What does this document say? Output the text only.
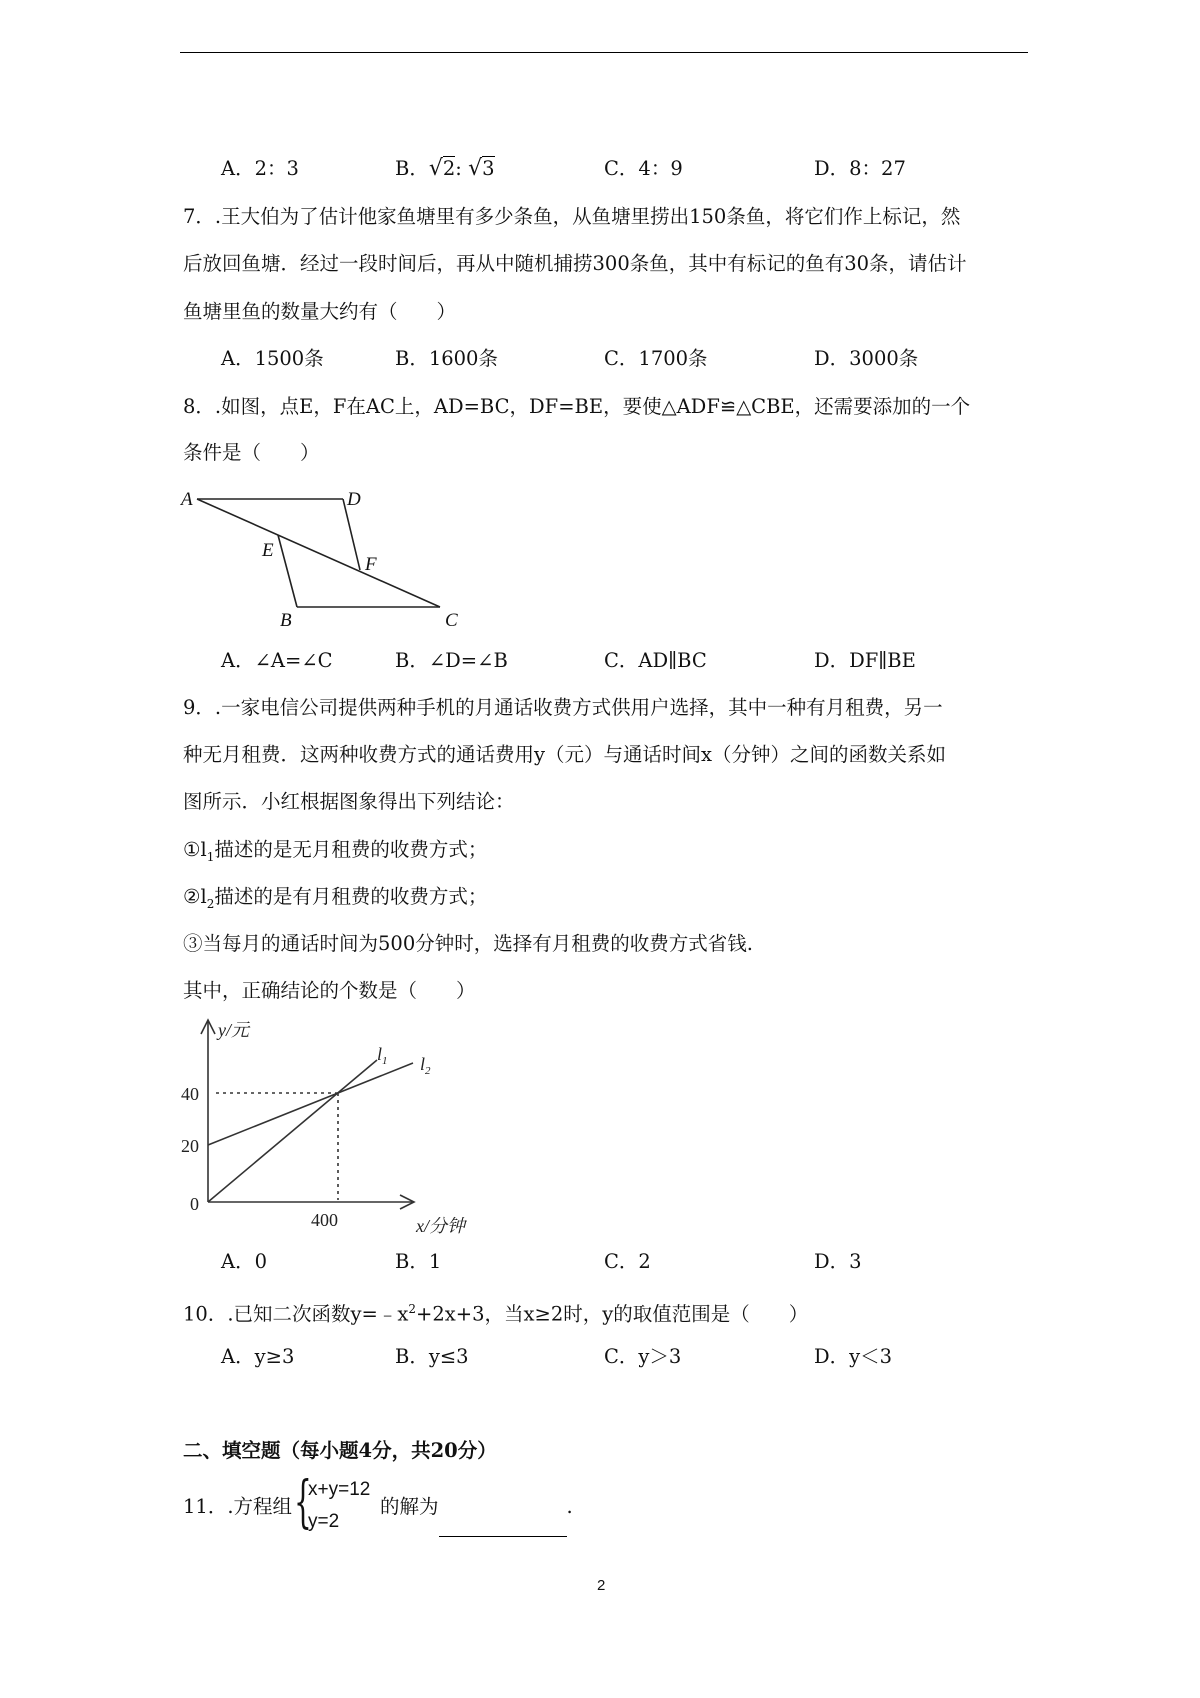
A．2：3	B．√2: √3	C．4：9	D．8：27
7．.王大伯为了估计他家鱼塘里有多少条鱼，从鱼塘里捞出150条鱼，将它们作上标记，然
后放回鱼塘．经过一段时间后，再从中随机捕捞300条鱼，其中有标记的鱼有30条，请估计
鱼塘里鱼的数量大约有（　　）
A．1500条	B．1600条	C．1700条	D．3000条
8．.如图，点E，F在AC上，AD=BC，DF=BE，要使△ADF≌△CBE，还需要添加的一个
条件是（　　）
A	D
E
F
B	C
A．∠A=∠C	B．∠D=∠B	C．AD∥BC	D．DF∥BE
9．.一家电信公司提供两种手机的月通话收费方式供用户选择，其中一种有月租费，另一
种无月租费．这两种收费方式的通话费用y（元）与通话时间x（分钟）之间的函数关系如
图所示．小红根据图象得出下列结论：
$①l_1$描述的是无月租费的收费方式；
$②l_2$描述的是有月租费的收费方式；
③当每月的通话时间为500分钟时，选择有月租费的收费方式省钱.
其中，正确结论的个数是（　　）
y/元
x/分钟
0
20
40
400
$l_1$ $l_2$
A．0	B．1	C．2	D．3
10．.已知二次函数$y=﹣x^2+2x+3$，当x≥2时，y的取值范围是（　　）
A．y≥3	B．y≤3	C．y＞3	D．y＜3
二、填空题（每小题4分，共20分）
11．.方程组 {
x+y=12
y=2
的解为	.
2
